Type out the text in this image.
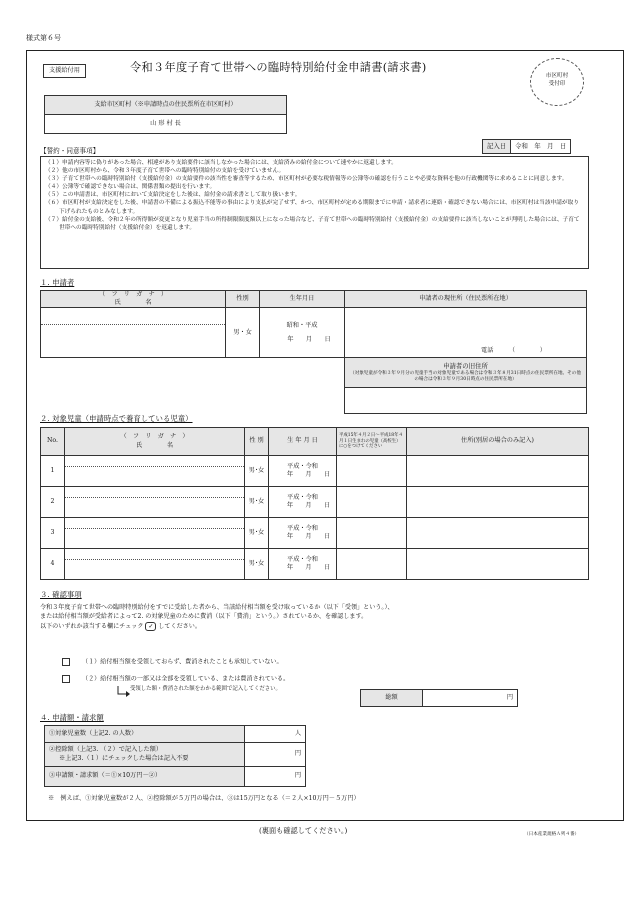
様式第６号
支援給付用	令和３年度子育て世帯への臨時特別給付金申請書(請求書)
市区町村
受付印
支給市区町村（※申請時点の住民票所在市区町村）
山 形 村 長
記入日	令和　年　月　日
【誓約・同意事項】

（１）申請内容等に偽りがあった場合、相違があり支給要件に該当しなかった場合には、支給済みの給付金について速やかに返還します。

（２）他の市区町村から、令和３年度子育て世帯への臨時特別給付の支給を受けていません。

（３）子育て世帯への臨時特別給付（支援給付金）の支給要件の該当性を審査等するため、市区町村が必要な税情報等の公簿等の確認を行うことや必要な資料を他の行政機関等に求めることに同意します。

（４）公簿等で確認できない場合は、関係書類の提出を行います。

（５）この申請書は、市区町村において支給決定をした後は、給付金の請求書として取り扱います。

（６）市区町村が支給決定をした後、申請書の不備による振込不能等の事由により支払が完了せず、かつ、市区町村が定める期限までに申請・請求者に連絡・確認できない場合には、市区町村は当該申請が取り下げられたものとみなします。

（７）給付金の支給後、令和２年の所得額が変更となり児童手当の所得制限限度額以上になった場合など、子育て世帯への臨時特別給付（支援給付金）の支給要件に該当しないことが判明した場合には、子育て世帯への臨時特別給付（支援給付金）を返還します。

１. 申請者
（　フ　リ　ガ　ナ　）
氏　　　　名	性別	生年月日	申請者の現住所（住民票所在地）

	男・女	昭和・平成
年　　月　　日	電話　　　（　　　　）

			申請者の旧住所
（対象児童が令和３年９月分の児童手当の対象児童である場合は令和３年８月31日時点の住民票所在地、その他の場合は令和３年９月30日時点の住民票所在地）

２. 対象児童（申請時点で養育している児童）
No.	（　フ　リ　ガ　ナ　）
氏　　　　名	性 別	生 年 月 日	平成15年４月２日～平成18年４月１日生まれの児童（高校生）に○をつけてください	住所(別居の場合のみ記入)
1		男･女	平成・令和
年　　月　　日		

2		男･女	平成・令和
年　　月　　日		

3		男･女	平成・令和
年　　月　　日		

4		男･女	平成・令和
年　　月　　日		

３. 確認事項
令和３年度子育て世帯への臨時特別給付をすでに受給した者から、当該給付相当額を受け取っているか（以下「受領」という。）、
または給付相当額が受給者によって2. の対象児童のために費消（以下「費消」という。）されているか、を確認します。
以下のいずれか該当する欄にチェック ✓ してください。
（１）給付相当額を受領しておらず、費消されたことも承知していない。
（２）給付相当額の一部又は全部を受領している、または費消されている。
受領した額・費消された額をわかる範囲で記入してください。
総額	円
４. 申請額・請求額
①対象児童数（上記2. の人数）	人

②控除額（上記3. （２）で記入した額）
※上記3.（１）にチェックした場合は記入不要	円
③申請額・請求額（＝①×10万円－②）	円
※　例えば、①対象児童数が２人、②控除額が５万円の場合は、③は15万円となる（＝２人×10万円－５万円）
(裏面も確認してください。)	（日本産業規格Ａ列４番）
